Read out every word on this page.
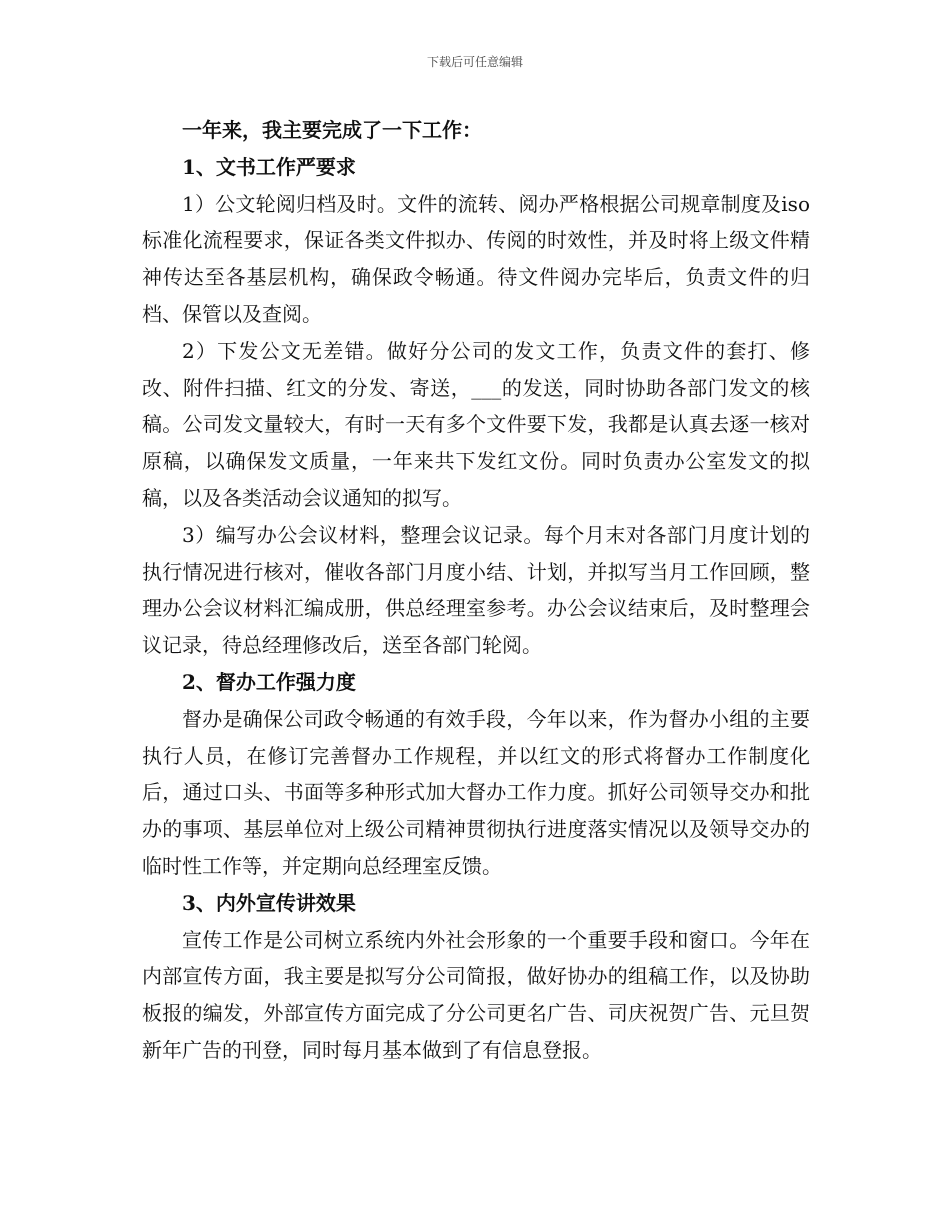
下载后可任意编辑

一年来，我主要完成了一下工作：

1、文书工作严要求

1）公文轮阅归档及时。文件的流转、阅办严格根据公司规章制度及iso标准化流程要求，保证各类文件拟办、传阅的时效性，并及时将上级文件精神传达至各基层机构，确保政令畅通。待文件阅办完毕后，负责文件的归档、保管以及查阅。

2）下发公文无差错。做好分公司的发文工作，负责文件的套打、修改、附件扫描、红文的分发、寄送，___的发送，同时协助各部门发文的核稿。公司发文量较大，有时一天有多个文件要下发，我都是认真去逐一核对原稿，以确保发文质量，一年来共下发红文份。同时负责办公室发文的拟稿，以及各类活动会议通知的拟写。

3）编写办公会议材料，整理会议记录。每个月末对各部门月度计划的执行情况进行核对，催收各部门月度小结、计划，并拟写当月工作回顾，整理办公会议材料汇编成册，供总经理室参考。办公会议结束后，及时整理会议记录，待总经理修改后，送至各部门轮阅。

2、督办工作强力度

督办是确保公司政令畅通的有效手段，今年以来，作为督办小组的主要执行人员，在修订完善督办工作规程，并以红文的形式将督办工作制度化后，通过口头、书面等多种形式加大督办工作力度。抓好公司领导交办和批办的事项、基层单位对上级公司精神贯彻执行进度落实情况以及领导交办的临时性工作等，并定期向总经理室反馈。

3、内外宣传讲效果

宣传工作是公司树立系统内外社会形象的一个重要手段和窗口。今年在内部宣传方面，我主要是拟写分公司简报，做好协办的组稿工作，以及协助板报的编发，外部宣传方面完成了分公司更名广告、司庆祝贺广告、元旦贺新年广告的刊登，同时每月基本做到了有信息登报。
